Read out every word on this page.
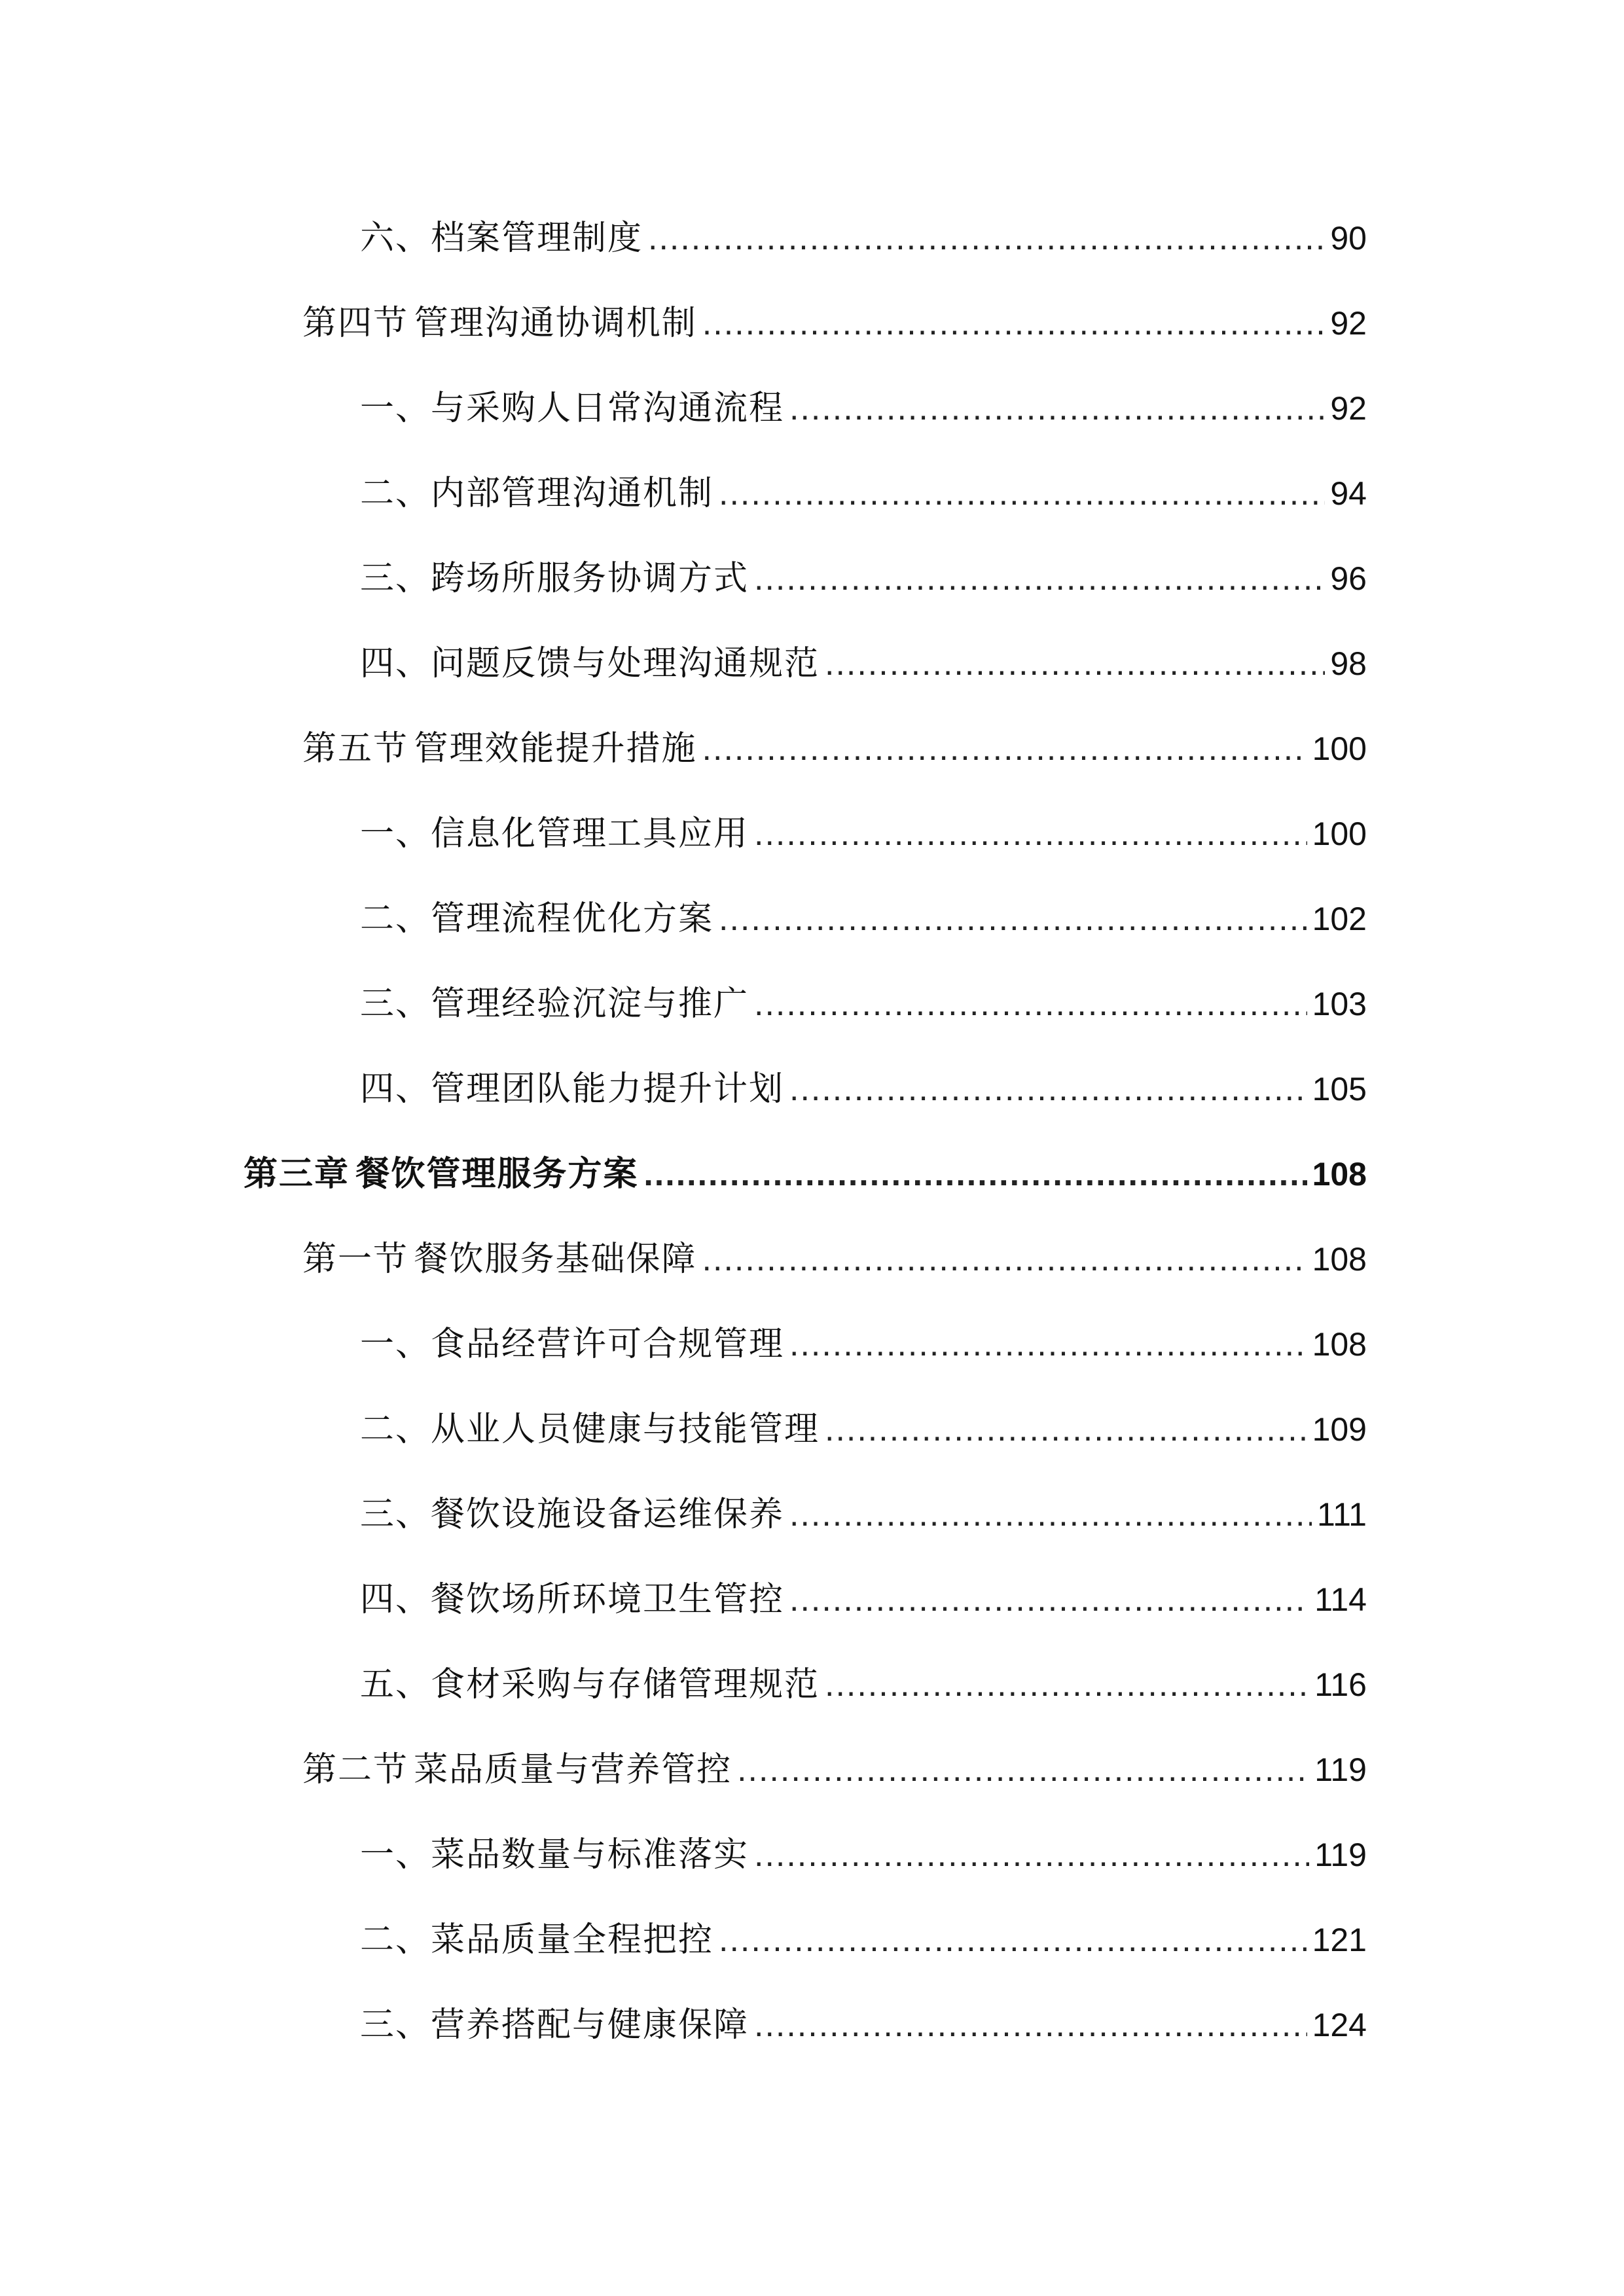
六、档案管理制度 .....	90
第四节 管理沟通协调机制 .....	92
一、与采购人日常沟通流程 .....	92
二、内部管理沟通机制 .....	94
三、跨场所服务协调方式 .....	96
四、问题反馈与处理沟通规范 .....	98
第五节 管理效能提升措施 .....	100
一、信息化管理工具应用 .....	100
二、管理流程优化方案 .....	102
三、管理经验沉淀与推广 .....	103
四、管理团队能力提升计划 .....	105
第三章 餐饮管理服务方案 .....	108
第一节 餐饮服务基础保障 .....	108
一、食品经营许可合规管理 .....	108
二、从业人员健康与技能管理 .....	109
三、餐饮设施设备运维保养 .....	111
四、餐饮场所环境卫生管控 .....	114
五、食材采购与存储管理规范 .....	116
第二节 菜品质量与营养管控 .....	119
一、菜品数量与标准落实 .....	119
二、菜品质量全程把控 .....	121
三、营养搭配与健康保障 .....	124
